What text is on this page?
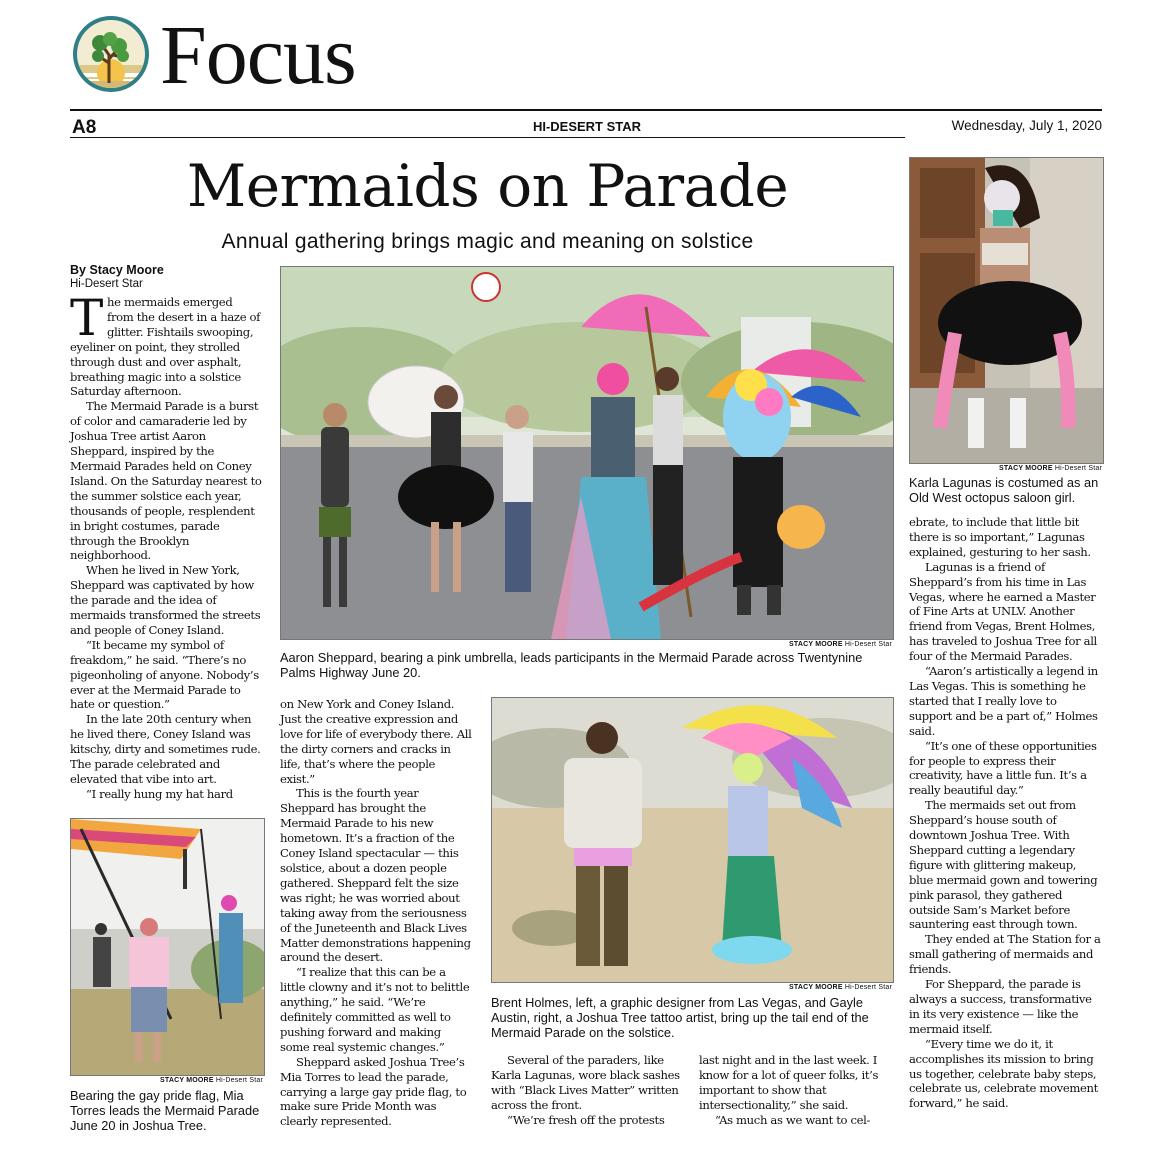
Focus
A8	HI-DESERT STAR	Wednesday, July 1, 2020
Mermaids on Parade
Annual gathering brings magic and meaning on solstice
By Stacy Moore
Hi-Desert Star

The mermaids emerged from the desert in a haze of glitter. Fishtails swooping, eyeliner on point, they strolled through dust and over asphalt, breathing magic into a solstice Saturday afternoon.

The Mermaid Parade is a burst of color and camaraderie led by Joshua Tree artist Aaron Sheppard, inspired by the Mermaid Parades held on Coney Island. On the Saturday nearest to the summer solstice each year, thousands of people, resplendent in bright costumes, parade through the Brooklyn neighborhood.

When he lived in New York, Sheppard was captivated by how the parade and the idea of mermaids transformed the streets and people of Coney Island.

“It became my symbol of freakdom,” he said. “There’s no pigeonholing of anyone. Nobody’s ever at the Mermaid Parade to hate or question.”

In the late 20th century when he lived there, Coney Island was kitschy, dirty and sometimes rude. The parade celebrated and elevated that vibe into art.

“I really hung my hat hard

STACY MOORE Hi-Desert Star
Aaron Sheppard, bearing a pink umbrella, leads participants in the Mermaid Parade across Twentynine Palms Highway June 20.
STACY MOORE Hi-Desert Star
Karla Lagunas is costumed as an Old West octopus saloon girl.

ebrate, to include that little bit there is so important,” Lagunas explained, gesturing to her sash.

Lagunas is a friend of Sheppard’s from his time in Las Vegas, where he earned a Master of Fine Arts at UNLV. Another friend from Vegas, Brent Holmes, has traveled to Joshua Tree for all four of the Mermaid Parades.

“Aaron’s artistically a legend in Las Vegas. This is something he started that I really love to support and be a part of,” Holmes said.

“It’s one of these opportunities for people to express their creativity, have a little fun. It’s a really beautiful day.”

The mermaids set out from Sheppard’s house south of downtown Joshua Tree. With Sheppard cutting a legendary figure with glittering makeup, blue mermaid gown and towering pink parasol, they gathered outside Sam’s Market before sauntering east through town.

They ended at The Station for a small gathering of mermaids and friends.

For Sheppard, the parade is always a success, transformative in its very existence — like the mermaid itself.

“Every time we do it, it accomplishes its mission to bring us together, celebrate baby steps, celebrate us, celebrate movement forward,” he said.

STACY MOORE Hi-Desert Star
Bearing the gay pride flag, Mia Torres leads the Mermaid Parade June 20 in Joshua Tree.

on New York and Coney Island. Just the creative expression and love for life of everybody there. All the dirty corners and cracks in life, that’s where the people exist.”

This is the fourth year Sheppard has brought the Mermaid Parade to his new hometown. It’s a fraction of the Coney Island spectacular — this solstice, about a dozen people gathered. Sheppard felt the size was right; he was worried about taking away from the seriousness of the Juneteenth and Black Lives Matter demonstrations happening around the desert.

“I realize that this can be a little clowny and it’s not to belittle anything,” he said. “We’re definitely committed as well to pushing forward and making some real systemic changes.”

Sheppard asked Joshua Tree’s Mia Torres to lead the parade, carrying a large gay pride flag, to make sure Pride Month was clearly represented.

STACY MOORE Hi-Desert Star
Brent Holmes, left, a graphic designer from Las Vegas, and Gayle Austin, right, a Joshua Tree tattoo artist, bring up the tail end of the Mermaid Parade on the solstice.

Several of the paraders, like Karla Lagunas, wore black sashes with “Black Lives Matter” written across the front.

“We’re fresh off the protests

last night and in the last week. I know for a lot of queer folks, it’s important to show that intersectionality,” she said.

“As much as we want to cel-
